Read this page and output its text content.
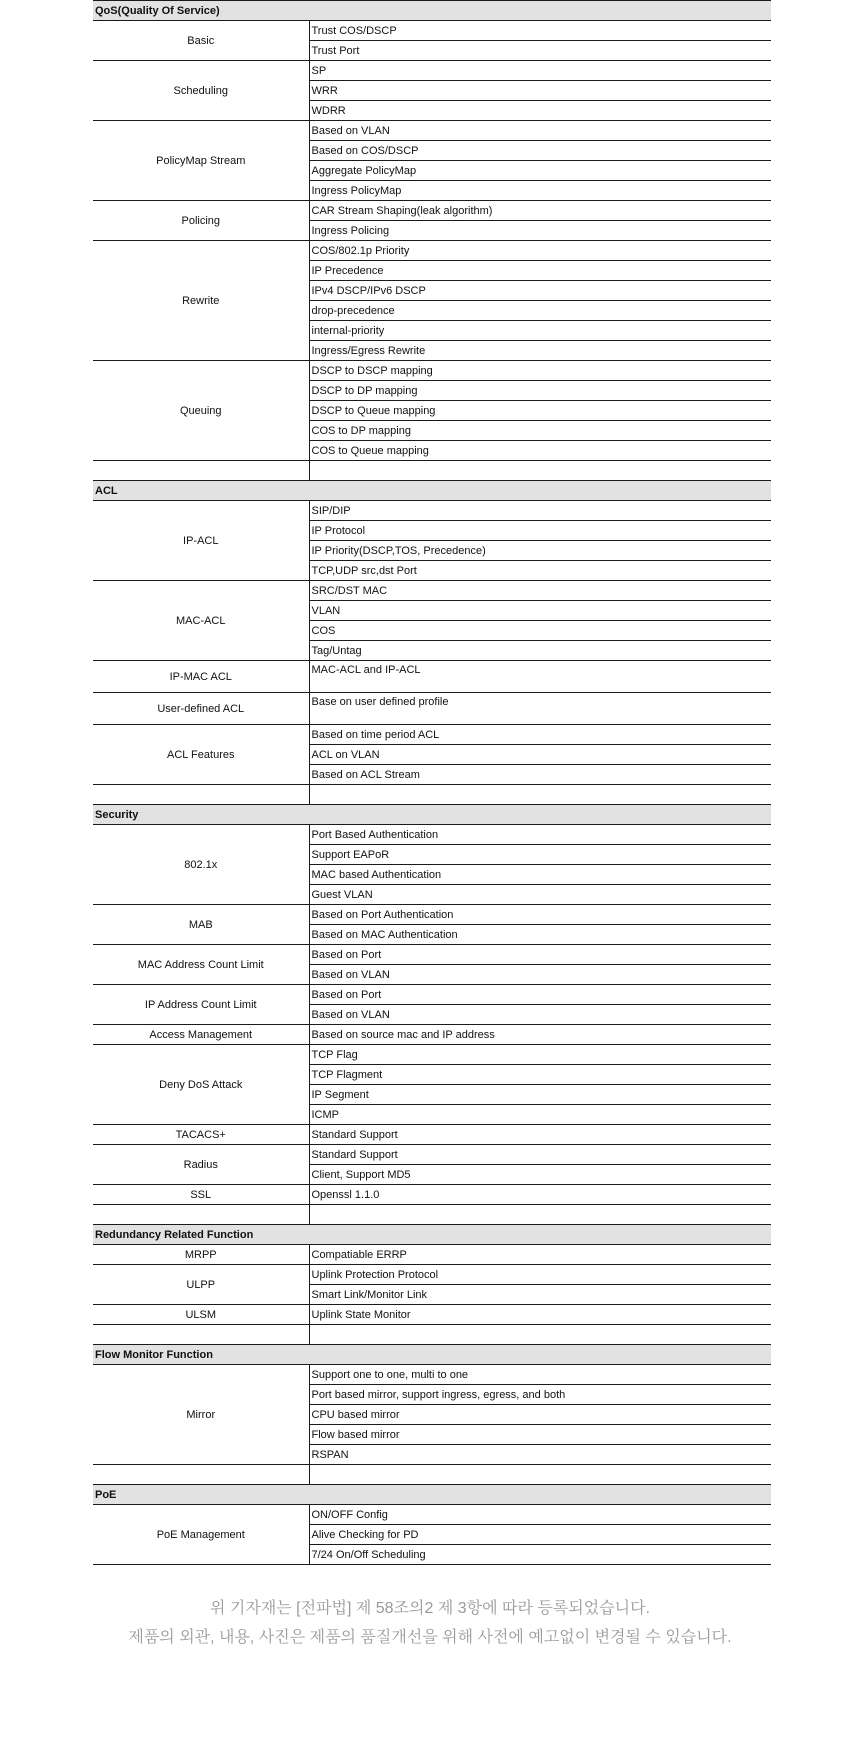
QoS(Quality Of Service)	
Basic	Trust COS/DSCP
	Trust Port
Scheduling	SP
	WRR
	WDRR
PolicyMap Stream	Based on VLAN
	Based on COS/DSCP
	Aggregate PolicyMap
	Ingress PolicyMap
Policing	CAR Stream Shaping(leak algorithm)
	Ingress Policing
Rewrite	COS/802.1p Priority
	IP Precedence
	IPv4 DSCP/IPv6 DSCP
	drop-precedence
	internal-priority
	Ingress/Egress Rewrite
Queuing	DSCP to DSCP mapping
	DSCP to DP mapping
	DSCP to Queue mapping
	COS to DP mapping
	COS to Queue mapping

ACL	
IP-ACL	SIP/DIP
	IP Protocol
	IP Priority(DSCP,TOS, Precedence)
	TCP,UDP src,dst Port
MAC-ACL	SRC/DST MAC
	VLAN
	COS
	Tag/Untag
IP-MAC ACL	MAC-ACL and IP-ACL
User-defined ACL	Base on user defined profile
ACL Features	Based on time period ACL
	ACL on VLAN
	Based on ACL Stream

Security	
802.1x	Port Based Authentication
	Support EAPoR
	MAC based Authentication
	Guest VLAN
MAB	Based on Port Authentication
	Based on MAC Authentication
MAC Address Count Limit	Based on Port
	Based on VLAN
IP Address Count Limit	Based on Port
	Based on VLAN
Access Management	Based on source mac and IP address
Deny DoS Attack	TCP Flag
	TCP Flagment
	IP Segment
	ICMP
TACACS+	Standard Support
Radius	Standard Support
	Client, Support MD5
SSL	Openssl 1.1.0

Redundancy Related Function	
MRPP	Compatiable ERRP
ULPP	Uplink Protection Protocol
	Smart Link/Monitor Link
ULSM	Uplink State Monitor

Flow Monitor Function	
Mirror	Support one to one, multi to one
	Port based mirror, support ingress, egress, and both
	CPU based mirror
	Flow based mirror
	RSPAN

PoE	
PoE Management	ON/OFF Config
	Alive Checking for PD
	7/24 On/Off Scheduling
위 기자재는 [전파법] 제 58조의2 제 3항에 따라 등록되었습니다.
제품의 외관, 내용, 사진은 제품의 품질개선을 위해 사전에 예고없이 변경될 수 있습니다.
